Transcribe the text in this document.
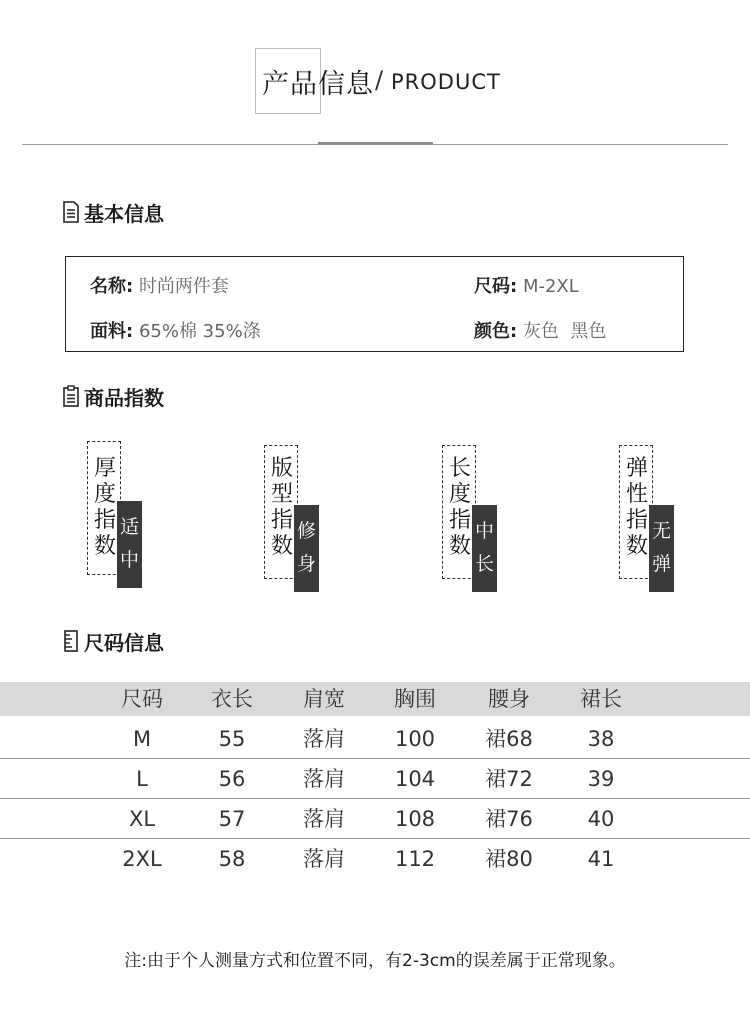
产品信息 / PRODUCT
基本信息
名称: 时尚两件套	尺码: M-2XL
面料: 65%棉 35%涤	颜色: 灰色  黑色
商品指数
厚
度
指
数
适
中
版
型
指
数
修
身
长
度
指
数
中
长
弹
性
指
数
无
弹
尺码信息
尺码	衣长	肩宽	胸围	腰身	裙长
M	55	落肩	100	裙68	38
L	56	落肩	104	裙72	39
XL	57	落肩	108	裙76	40
2XL	58	落肩	112	裙80	41
注:由于个人测量方式和位置不同，有2-3cm的误差属于正常现象。
